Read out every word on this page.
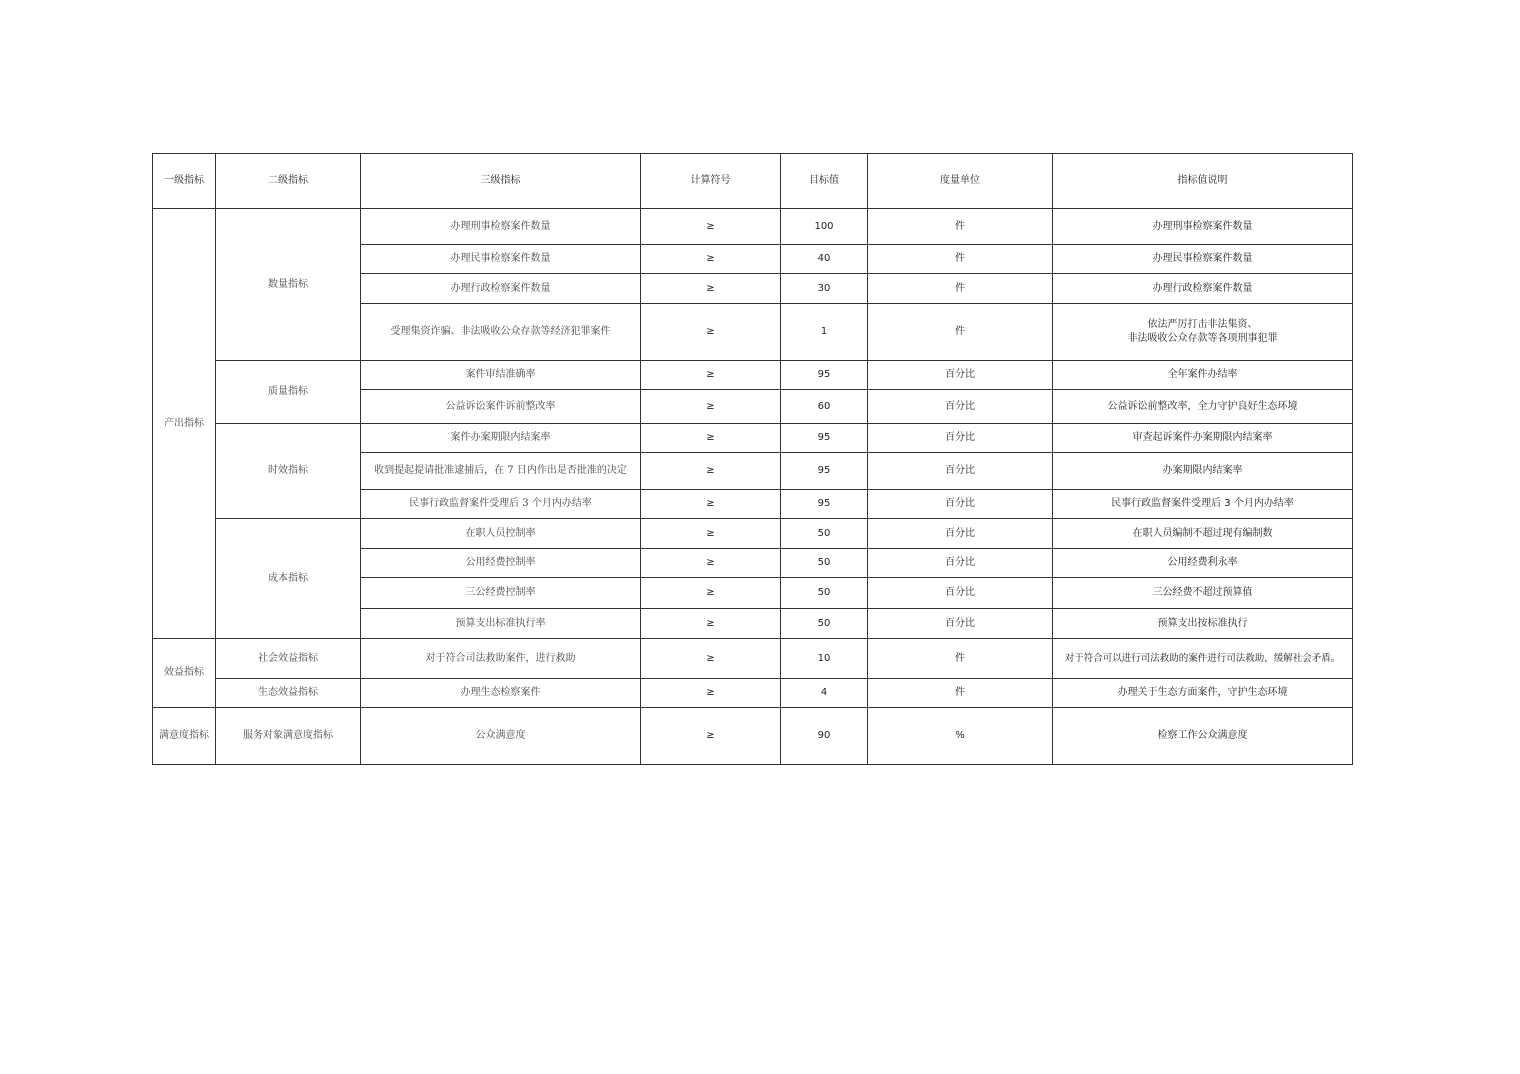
一级指标	二级指标	三级指标	计算符号	目标值	度量单位	指标值说明
产出指标	数量指标	办理刑事检察案件数量	≥	100	件	办理刑事检察案件数量
		办理民事检察案件数量	≥	40	件	办理民事检察案件数量
		办理行政检察案件数量	≥	30	件	办理行政检察案件数量
		受理集资诈骗、非法吸收公众存款等经济犯罪案件	≥	1	件	依法严厉打击非法集资、
非法吸收公众存款等各项刑事犯罪

	质量指标	案件审结准确率	≥	95	百分比	全年案件办结率
		公益诉讼案件诉前整改率	≥	60	百分比	公益诉讼前整改率，全力守护良好生态环境
	时效指标	案件办案期限内结案率	≥	95	百分比	审查起诉案件办案期限内结案率
		收到提起提请批准逮捕后，在 7 日内作出是否批准的决定	≥	95	百分比	办案期限内结案率
		民事行政监督案件受理后 3 个月内办结率	≥	95	百分比	民事行政监督案件受理后 3 个月内办结率
	成本指标	在职人员控制率	≥	50	百分比	在职人员编制不超过现有编制数
		公用经费控制率	≥	50	百分比	公用经费利永率
		三公经费控制率	≥	50	百分比	三公经费不超过预算值
		预算支出标准执行率	≥	50	百分比	预算支出按标准执行
效益指标	社会效益指标	对于符合司法救助案件，进行救助	≥	10	件	对于符合可以进行司法救助的案件进行司法救助，缓解社会矛盾。
	生态效益指标	办理生态检察案件	≥	4	件	办理关于生态方面案件，守护生态环境
满意度指标	服务对象满意度指标	公众满意度	≥	90	%	检察工作公众满意度
